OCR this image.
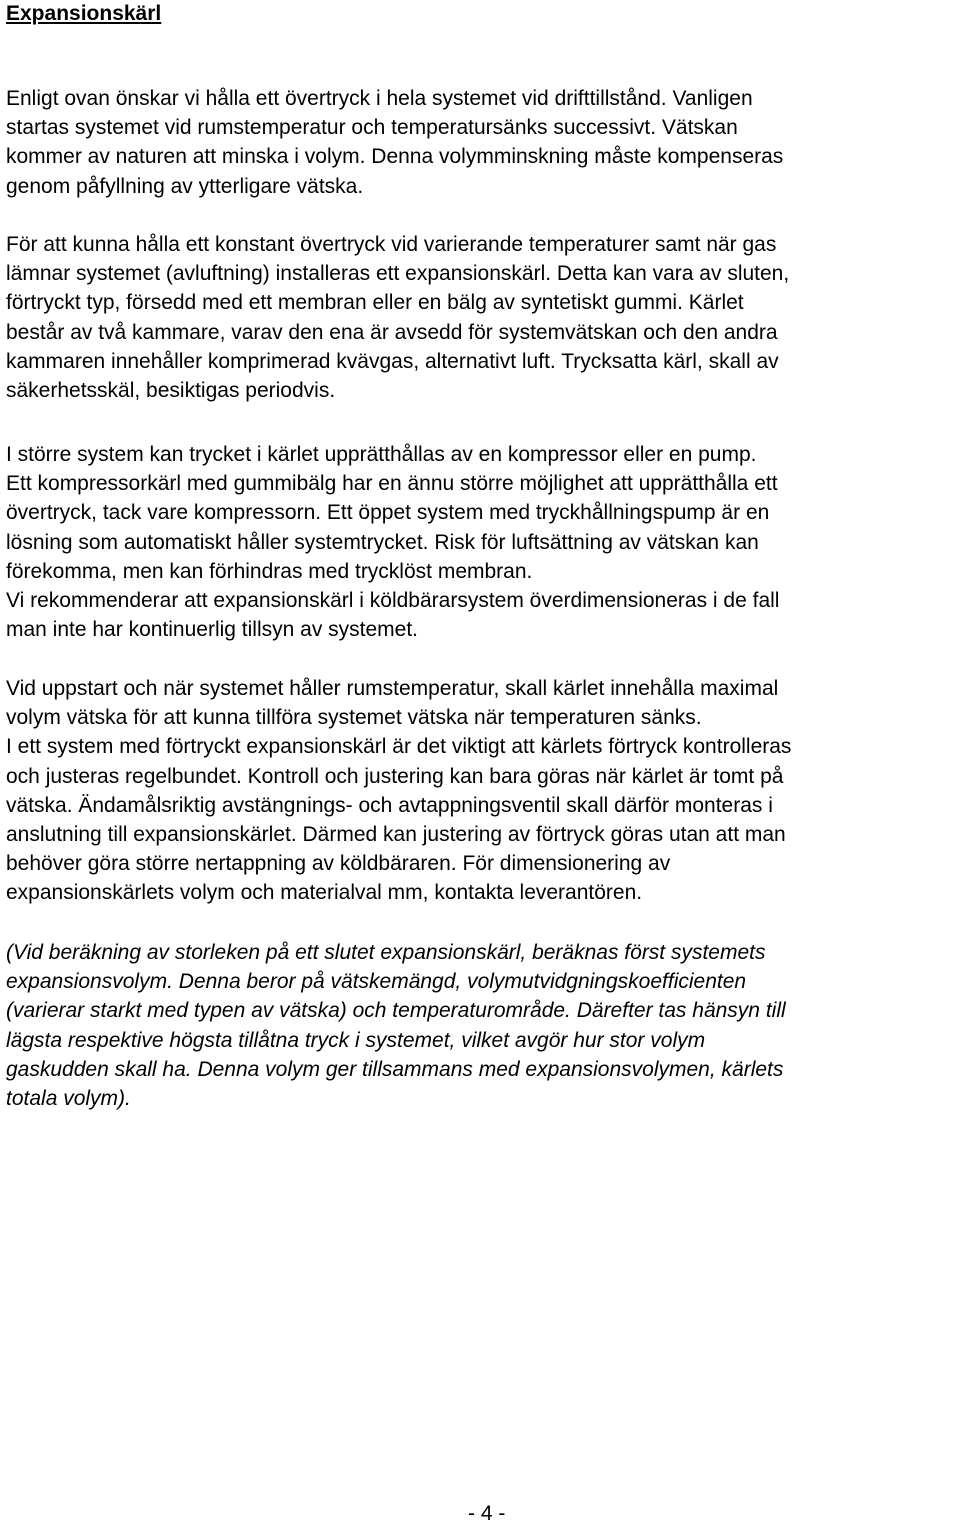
Expansionskärl

Enligt ovan önskar vi hålla ett övertryck i hela systemet vid drifttillstånd. Vanligen
startas systemet vid rumstemperatur och temperatursänks successivt. Vätskan
kommer av naturen att minska i volym. Denna volymminskning måste kompenseras
genom påfyllning av ytterligare vätska.

För att kunna hålla ett konstant övertryck vid varierande temperaturer samt när gas
lämnar systemet (avluftning) installeras ett expansionskärl. Detta kan vara av sluten,
förtryckt typ, försedd med ett membran eller en bälg av syntetiskt gummi. Kärlet
består av två kammare, varav den ena är avsedd för systemvätskan och den andra
kammaren innehåller komprimerad kvävgas, alternativt luft. Trycksatta kärl, skall av
säkerhetsskäl, besiktigas periodvis.

I större system kan trycket i kärlet upprätthållas av en kompressor eller en pump.
Ett kompressorkärl med gummibälg har en ännu större möjlighet att upprätthålla ett
övertryck, tack vare kompressorn. Ett öppet system med tryckhållningspump är en
lösning som automatiskt håller systemtrycket. Risk för luftsättning av vätskan kan
förekomma, men kan förhindras med trycklöst membran.
Vi rekommenderar att expansionskärl i köldbärarsystem överdimensioneras i de fall
man inte har kontinuerlig tillsyn av systemet.

Vid uppstart och när systemet håller rumstemperatur, skall kärlet innehålla maximal
volym vätska för att kunna tillföra systemet vätska när temperaturen sänks.
I ett system med förtryckt expansionskärl är det viktigt att kärlets förtryck kontrolleras
och justeras regelbundet. Kontroll och justering kan bara göras när kärlet är tomt på
vätska. Ändamålsriktig avstängnings- och avtappningsventil skall därför monteras i
anslutning till expansionskärlet. Därmed kan justering av förtryck göras utan att man
behöver göra större nertappning av köldbäraren. För dimensionering av
expansionskärlets volym och materialval mm, kontakta leverantören.

(Vid beräkning av storleken på ett slutet expansionskärl, beräknas först systemets
expansionsvolym. Denna beror på vätskemängd, volymutvidgningskoefficienten
(varierar starkt med typen av vätska) och temperaturområde. Därefter tas hänsyn till
lägsta respektive högsta tillåtna tryck i systemet, vilket avgör hur stor volym
gaskudden skall ha. Denna volym ger tillsammans med expansionsvolymen, kärlets
totala volym).

- 4 -
